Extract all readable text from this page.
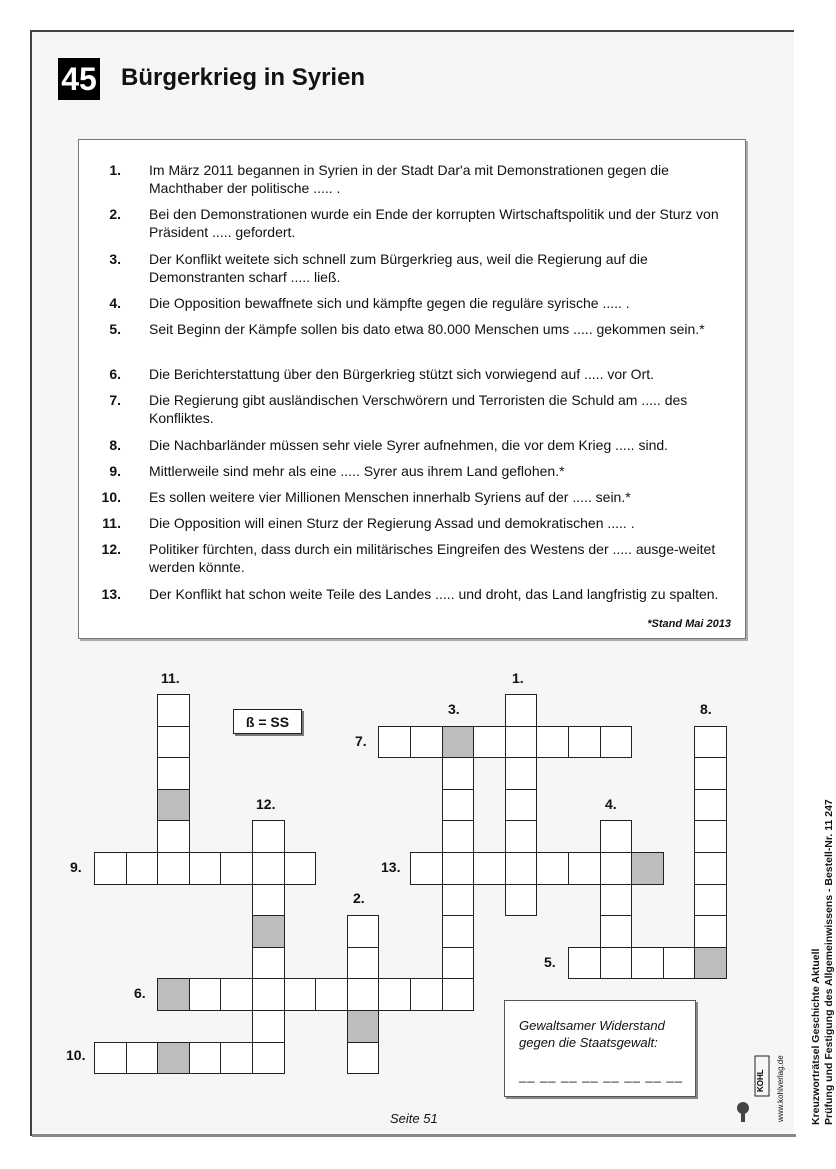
45 Bürgerkrieg in Syrien
1. Im März 2011 begannen in Syrien in der Stadt Dar'a mit Demonstrationen gegen die Machthaber der politische ..... .
2. Bei den Demonstrationen wurde ein Ende der korrupten Wirtschaftspolitik und der Sturz von Präsident ..... gefordert.
3. Der Konflikt weitete sich schnell zum Bürgerkrieg aus, weil die Regierung auf die Demonstranten scharf ..... ließ.
4. Die Opposition bewaffnete sich und kämpfte gegen die reguläre syrische ..... .
5. Seit Beginn der Kämpfe sollen bis dato etwa 80.000 Menschen ums ..... gekommen sein.*
6. Die Berichterstattung über den Bürgerkrieg stützt sich vorwiegend auf ..... vor Ort.
7. Die Regierung gibt ausländischen Verschwörern und Terroristen die Schuld am ..... des Konfliktes.
8. Die Nachbarländer müssen sehr viele Syrer aufnehmen, die vor dem Krieg ..... sind.
9. Mittlerweile sind mehr als eine ..... Syrer aus ihrem Land geflohen.*
10. Es sollen weitere vier Millionen Menschen innerhalb Syriens auf der ..... sein.*
11. Die Opposition will einen Sturz der Regierung Assad und demokratischen ..... .
12. Politiker fürchten, dass durch ein militärisches Eingreifen des Westens der ..... ausge-weitet werden könnte.
13. Der Konflikt hat schon weite Teile des Landes ..... und droht, das Land langfristig zu spalten.
*Stand Mai 2013
ß = SS
11.	1.
3.	8.
7.
12.	4.
9.	13.
2.
5.
6.
10.
Gewaltsamer Widerstand gegen die Staatsgewalt:
__ __ __ __ __ __ __ __
Seite 51	Kreuzworträtsel Geschichte Aktuell Prüfung und Festigung des Allgemeinwissens - Bestell-Nr. 11 247
KOHL www.kohlverlag.de
